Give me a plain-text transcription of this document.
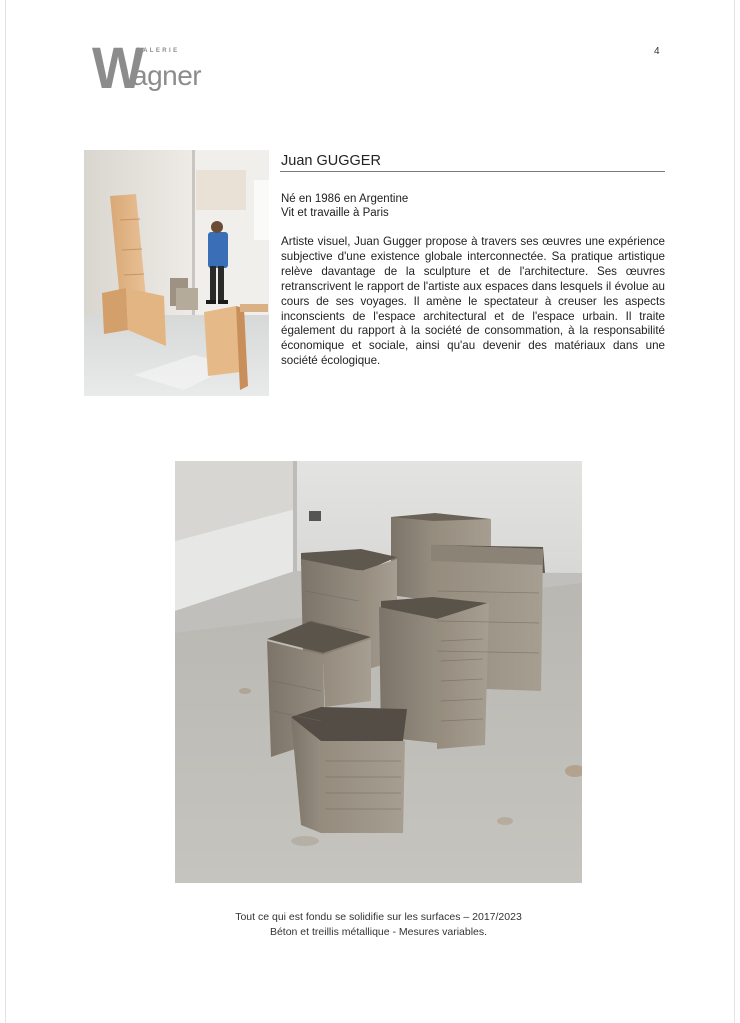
4
W
GALERIE
agner
Juan GUGGER
Né en 1986 en Argentine
Vit et travaille à Paris
Artiste visuel, Juan Gugger propose à travers ses œuvres une expérience subjective d'une existence globale interconnectée. Sa pratique artistique relève davantage de la sculpture et de l'architecture. Ses œuvres retranscrivent le rapport de l'artiste aux espaces dans lesquels il évolue au cours de ses voyages. Il amène le spectateur à creuser les aspects inconscients de l'espace architectural et de l'espace urbain. Il traite également du rapport à la société de consommation, à la responsabilité économique et sociale, ainsi qu'au devenir des matériaux dans une société écologique.
Tout ce qui est fondu se solidifie sur les surfaces – 2017/2023
Béton et treillis métallique - Mesures variables.
